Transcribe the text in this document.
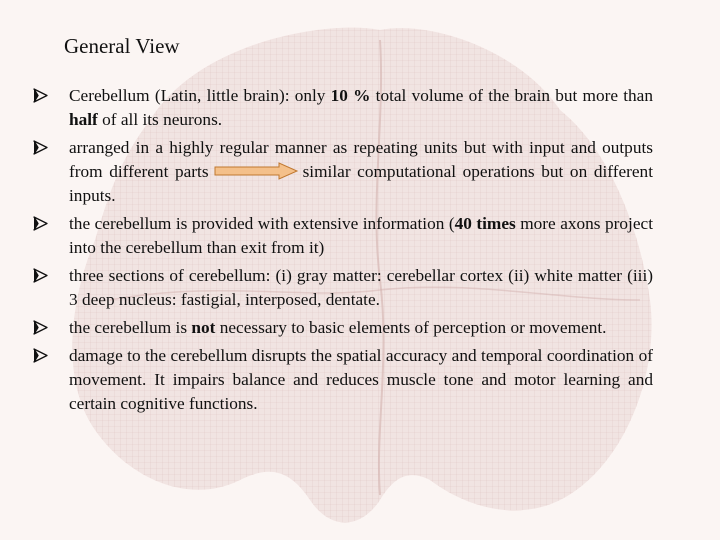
General View
Cerebellum (Latin, little brain): only 10 % total volume of the brain but more than half of all its neurons.
arranged in a highly regular manner as repeating units but with input and outputs from different parts	similar computational operations but on different inputs.
the cerebellum is provided with extensive information (40 times more axons project into the cerebellum than exit from it)
three sections of cerebellum: (i) gray matter: cerebellar cortex (ii) white matter (iii) 3 deep nucleus: fastigial, interposed, dentate.
the cerebellum is not necessary to basic elements of perception or movement.
damage to the cerebellum disrupts the spatial accuracy and temporal coordination of movement. It impairs balance and reduces muscle tone and motor learning and certain cognitive functions.
